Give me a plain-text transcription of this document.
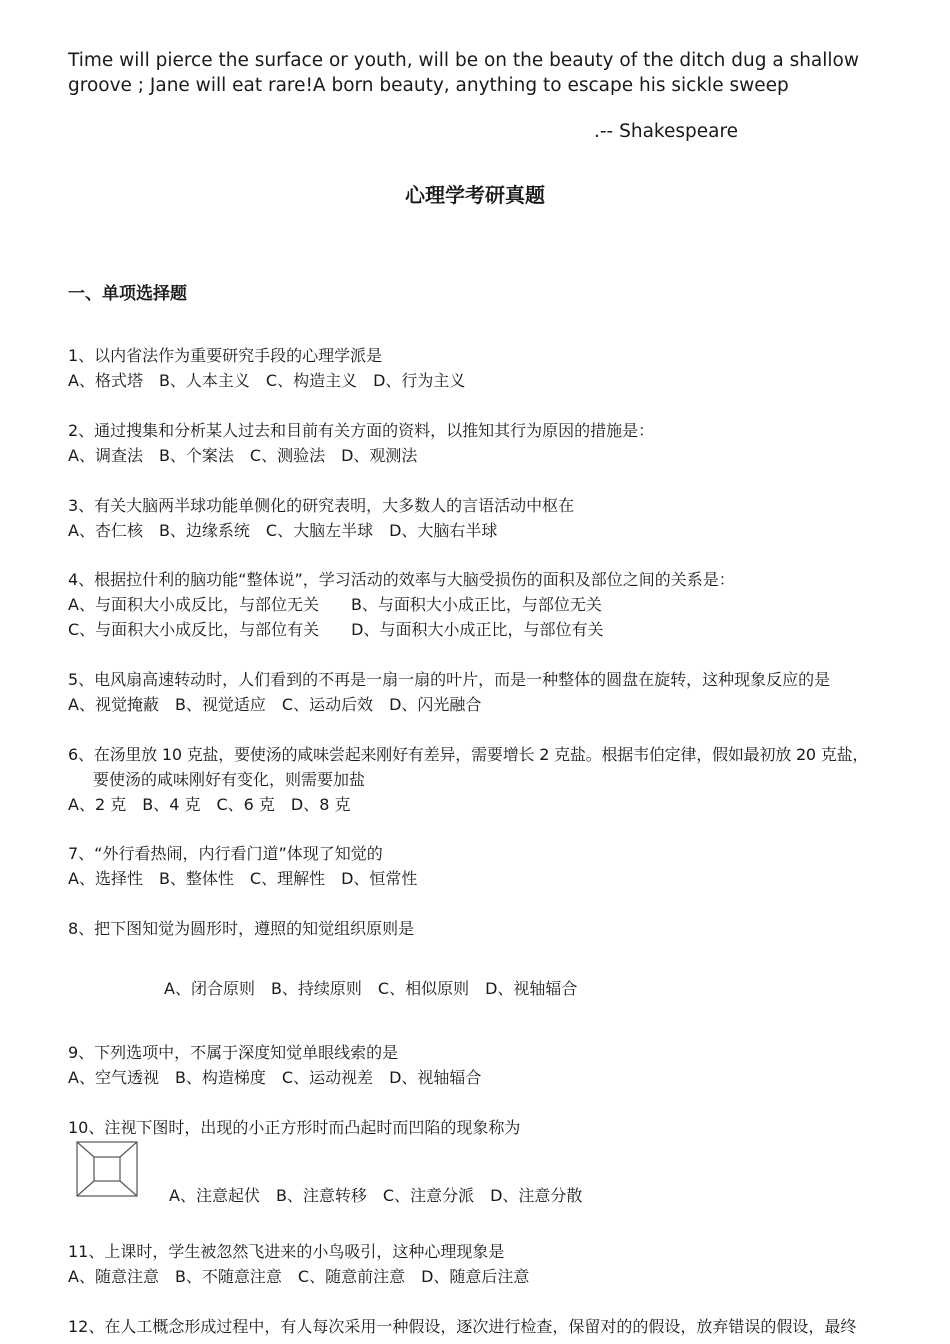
Time will pierce the surface or youth, will be on the beauty of the ditch dug a shallow groove ; Jane will eat rare!A born beauty, anything to escape his sickle sweep
.-- Shakespeare
心理学考研真题
一、单项选择题
1、以内省法作为重要研究手段的心理学派是
A、格式塔　B、人本主义　C、构造主义　D、行为主义
2、通过搜集和分析某人过去和目前有关方面的资料，以推知其行为原因的措施是：
A、调查法　B、个案法　C、测验法　D、观测法
3、有关大脑两半球功能单侧化的研究表明，大多数人的言语活动中枢在
A、杏仁核　B、边缘系统　C、大脑左半球　D、大脑右半球
4、根据拉什利的脑功能“整体说”，学习活动的效率与大脑受损伤的面积及部位之间的关系是：
A、与面积大小成反比，与部位无关　　B、与面积大小成正比，与部位无关
C、与面积大小成反比，与部位有关　　D、与面积大小成正比，与部位有关
5、电风扇高速转动时，人们看到的不再是一扇一扇的叶片，而是一种整体的圆盘在旋转，这种现象反应的是
A、视觉掩蔽　B、视觉适应　C、运动后效　D、闪光融合
6、在汤里放 10 克盐，要使汤的咸味尝起来刚好有差异，需要增长 2 克盐。根据韦伯定律，假如最初放 20 克盐，
要使汤的咸味刚好有变化，则需要加盐
A、2 克　B、4 克　C、6 克　D、8 克
7、“外行看热闹，内行看门道”体现了知觉的
A、选择性　B、整体性　C、理解性　D、恒常性
8、把下图知觉为圆形时，遵照的知觉组织原则是
A、闭合原则　B、持续原则　C、相似原则　D、视轴辐合
9、下列选项中，不属于深度知觉单眼线索的是
A、空气透视　B、构造梯度　C、运动视差　D、视轴辐合
10、注视下图时，出现的小正方形时而凸起时而凹陷的现象称为
A、注意起伏　B、注意转移　C、注意分派　D、注意分散
11、上课时，学生被忽然飞进来的小鸟吸引，这种心理现象是
A、随意注意　B、不随意注意　C、随意前注意　D、随意后注意
12、在人工概念形成过程中，有人每次采用一种假设，逐次进行检查，保留对的的假设，放弃错误的假设，最终
